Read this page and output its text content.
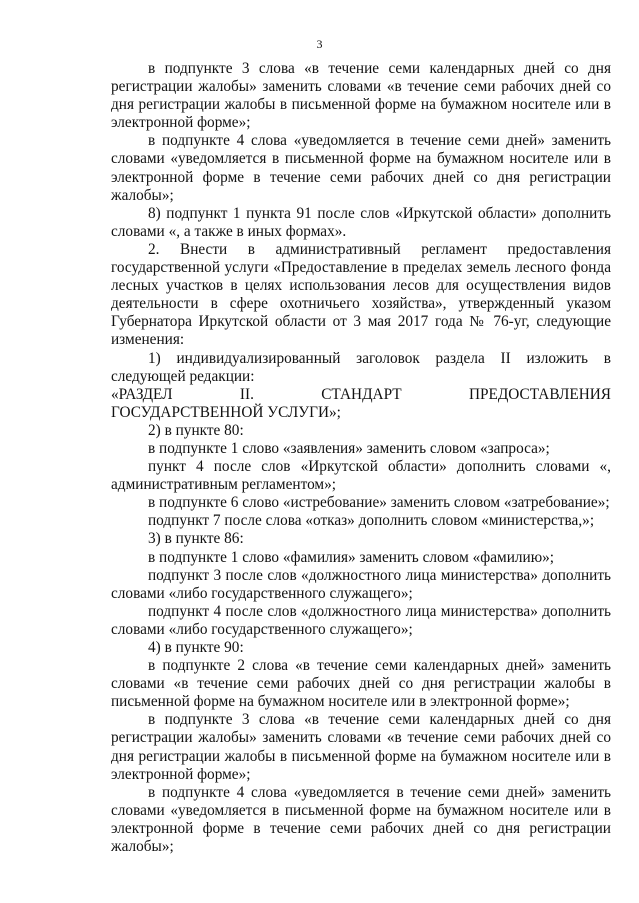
3

в подпункте 3 слова «в течение семи календарных дней со дня регистрации жалобы» заменить словами «в течение семи рабочих дней со дня регистрации жалобы в письменной форме на бумажном носителе или в электронной форме»;

в подпункте 4 слова «уведомляется в течение семи дней» заменить словами «уведомляется в письменной форме на бумажном носителе или в электронной форме в течение семи рабочих дней со дня регистрации жалобы»;

8) подпункт 1 пункта 91 после слов «Иркутской области» дополнить словами «, а также в иных формах».

2. Внести в административный регламент предоставления государственной услуги «Предоставление в пределах земель лесного фонда лесных участков в целях использования лесов для осуществления видов деятельности в сфере охотничьего хозяйства», утвержденный указом Губернатора Иркутской области от 3 мая 2017 года № 76-уг, следующие изменения:

1) индивидуализированный заголовок раздела II изложить в следующей редакции:

«РАЗДЕЛ II. СТАНДАРТ ПРЕДОСТАВЛЕНИЯ

ГОСУДАРСТВЕННОЙ УСЛУГИ»;

2) в пункте 80:

в подпункте 1 слово «заявления» заменить словом «запроса»;

пункт 4 после слов «Иркутской области» дополнить словами «, административным регламентом»;

в подпункте 6 слово «истребование» заменить словом «затребование»;

подпункт 7 после слова «отказ» дополнить словом «министерства,»;

3) в пункте 86:

в подпункте 1 слово «фамилия» заменить словом «фамилию»;

подпункт 3 после слов «должностного лица министерства» дополнить словами «либо государственного служащего»;

подпункт 4 после слов «должностного лица министерства» дополнить словами «либо государственного служащего»;

4) в пункте 90:

в подпункте 2 слова «в течение семи календарных дней» заменить словами «в течение семи рабочих дней со дня регистрации жалобы в письменной форме на бумажном носителе или в электронной форме»;

в подпункте 3 слова «в течение семи календарных дней со дня регистрации жалобы» заменить словами «в течение семи рабочих дней со дня регистрации жалобы в письменной форме на бумажном носителе или в электронной форме»;

в подпункте 4 слова «уведомляется в течение семи дней» заменить словами «уведомляется в письменной форме на бумажном носителе или в электронной форме в течение семи рабочих дней со дня регистрации жалобы»;
